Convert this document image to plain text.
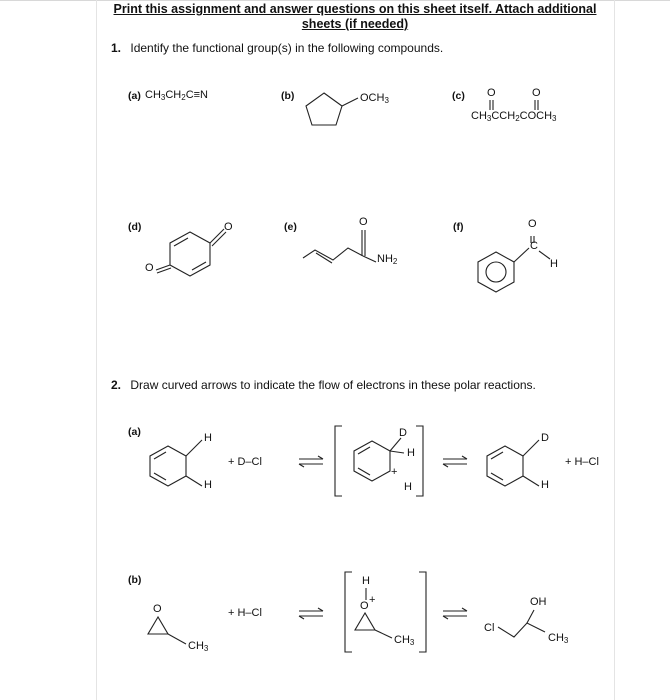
Print this assignment and answer questions on this sheet itself. Attach additional
sheets (if needed)
1. Identify the functional group(s) in the following compounds.
(a) $CH_3CH_2C\equiv N$	(b)	$OCH_3$	(c) O	O
$CH_3CCH_2COCH_3$
(d)	O
O
(e)	O
$NH_2$
(f)	O
C
H
2. Draw curved arrows to indicate the flow of electrons in these polar reactions.
(a)	H
H
+ D–Cl
D
H
+
H
D
H
+ H–Cl
(b)
O
$CH_3$
+ H–Cl
H
O +
$CH_3$
OH
Cl
$CH_3$
